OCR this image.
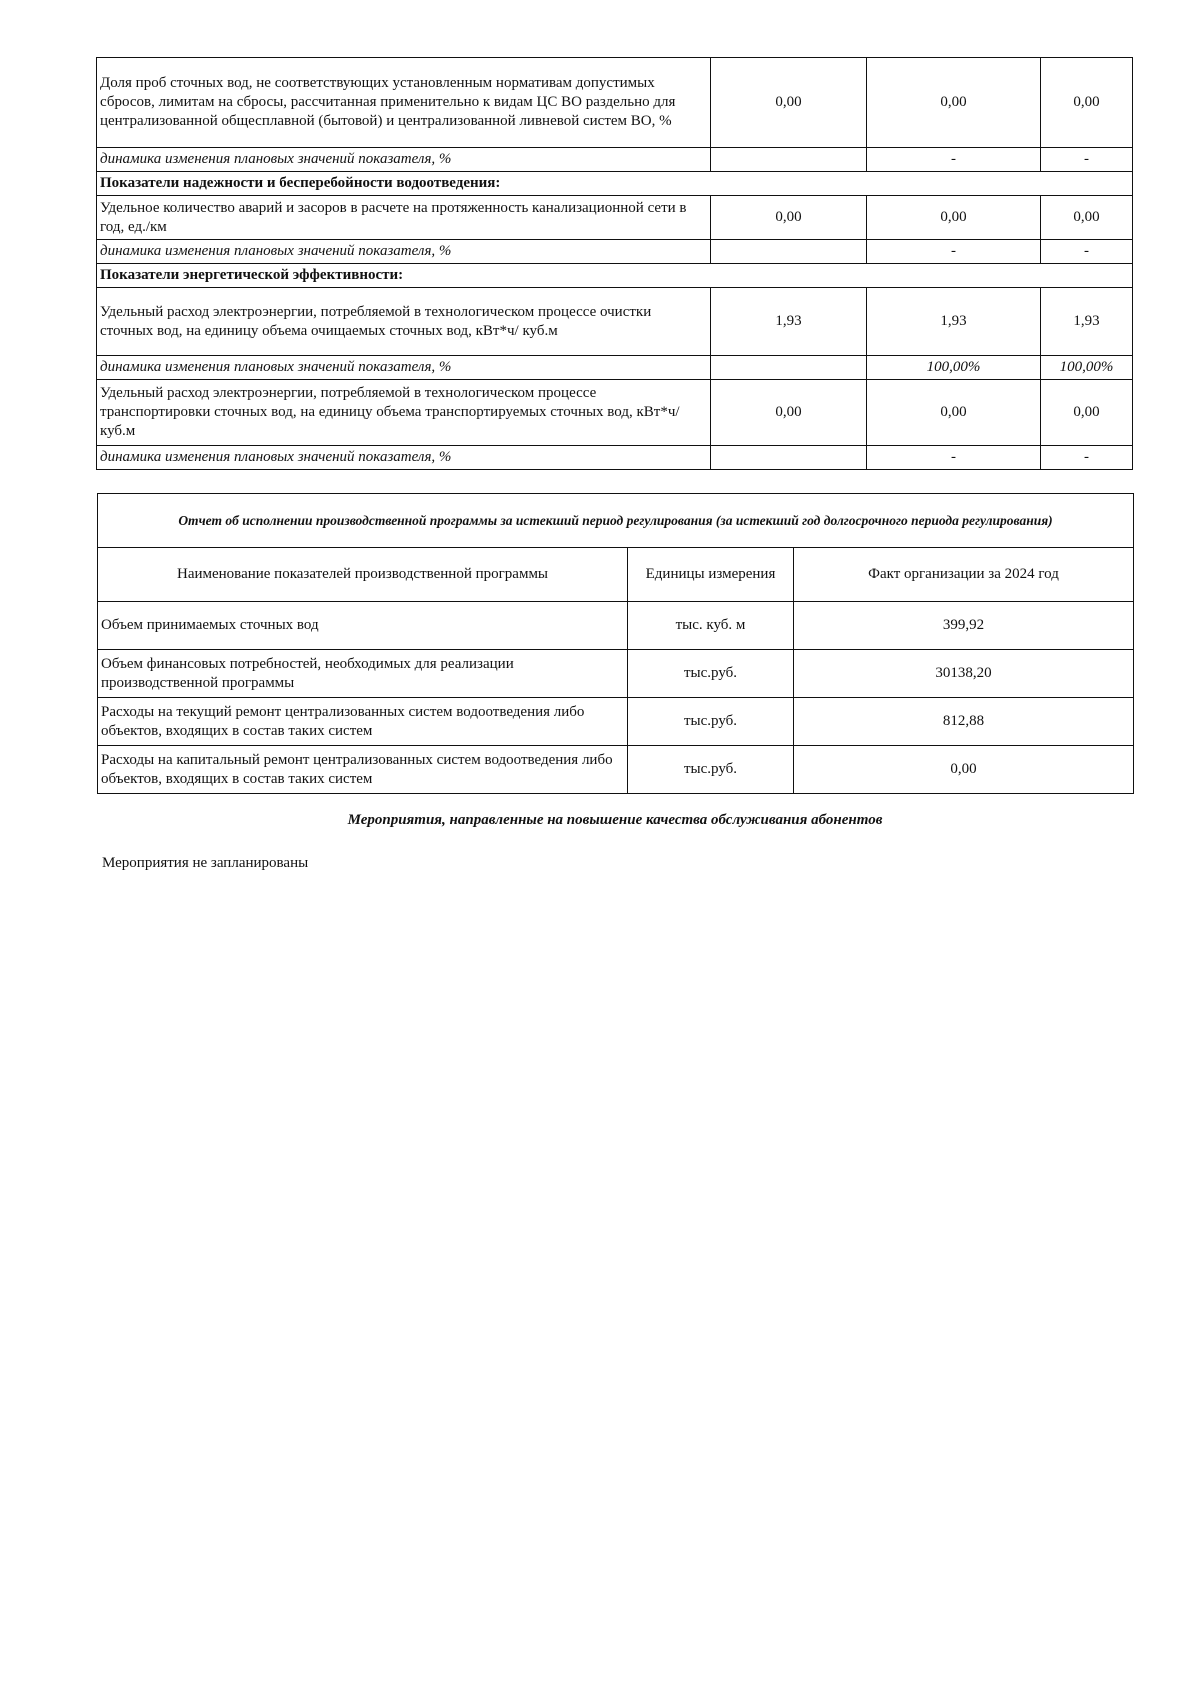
Доля проб сточных вод, не соответствующих установленным нормативам допустимых сбросов, лимитам на сбросы, рассчитанная применительно к видам ЦС ВО раздельно для централизованной общесплавной (бытовой) и централизованной ливневой систем ВО, %	0,00	0,00	0,00
динамика изменения плановых значений показателя, %		-	-
Показатели надежности и бесперебойности водоотведения:			
Удельное количество аварий и засоров в расчете на протяженность канализационной сети в год, ед./км	0,00	0,00	0,00
динамика изменения плановых значений показателя, %		-	-
Показатели энергетической эффективности:			
Удельный расход электроэнергии, потребляемой в технологическом процессе очистки сточных вод, на единицу объема очищаемых сточных вод, кВт*ч/ куб.м	1,93	1,93	1,93
динамика изменения плановых значений показателя, %		100,00%	100,00%
Удельный расход электроэнергии, потребляемой в технологическом процессе транспортировки сточных вод, на единицу объема транспортируемых сточных вод, кВт*ч/ куб.м	0,00	0,00	0,00
динамика изменения плановых значений показателя, %		-	-
Отчет об исполнении производственной программы за истекший период регулирования (за истекший год долгосрочного периода регулирования)		
Наименование показателей производственной программы	Единицы измерения	Факт организации за 2024 год
Объем принимаемых сточных вод	тыс. куб. м	399,92
Объем финансовых потребностей, необходимых для реализации производственной программы	тыс.руб.	30138,20
Расходы на текущий ремонт централизованных систем водоотведения либо объектов, входящих в состав таких систем	тыс.руб.	812,88
Расходы на капитальный ремонт централизованных систем водоотведения либо объектов, входящих в состав таких систем	тыс.руб.	0,00
Мероприятия, направленные на повышение качества обслуживания абонентов
Мероприятия не запланированы
